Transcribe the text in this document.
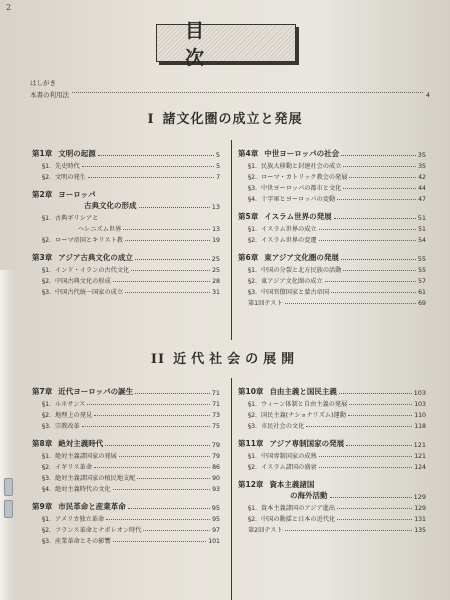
2
目　次
はしがき
本書の利用法	4
I 諸文化圏の成立と発展
第1章 文明の起源	5
§1. 先史時代	5
§2. 文明の発生	7
第2章 ヨーロッパ
古典文化の形成	13
§1. 古典ギリシアと
ヘレニズム世界	13
§2. ローマ帝国とキリスト教	19
第3章 アジア古典文化の成立	25
§1. インド・イランの古代文化	25
§2. 中国古典文化の形成	28
§3. 中国古代統一国家の成立	31
第4章 中世ヨーロッパの社会	35
§1. 民族大移動と封建社会の成立	35
§2. ローマ・カトリック教会の発展	42
§3. 中世ヨーロッパの都市と文化	44
§4. 十字軍とヨーロッパの変動	47
第5章 イスラム世界の発展	51
§1. イスラム世界の成立	51
§2. イスラム世界の変遷	54
第6章 東アジア文化圏の発展	55
§1. 中国の分裂と北方民族の活動	55
§2. 東アジア文化圏の成立	57
§3. 中国官僚国家と蒙古帝国	61
第1回テスト	69
II 近代社会の展開
第7章 近代ヨーロッパの誕生	71
§1. ルネサンス	71
§2. 地理上の発見	73
§3. 宗教改革	75
第8章 絶対主義時代	79
§1. 絶対主義諸国家の発展	79
§2. イギリス革命	86
§3. 絶対主義諸国家の植民地支配	90
§4. 絶対主義時代の文化	93
第9章 市民革命と産業革命	95
§1. アメリカ独立革命	95
§2. フランス革命とナポレオン時代	97
§3. 産業革命とその影響	101
第10章 自由主義と国民主義	103
§1. ウィーン体制と自由主義の発展	103
§2. 国民主義(ナショナリズム)運動	110
§3. 市民社会の文化	118
第11章 アジア専制国家の発展	121
§1. 中国専制国家の成熟	121
§2. イスラム諸国の盛衰	124
第12章 資本主義諸国
の海外活動	129
§1. 資本主義諸国のアジア進出	129
§2. 中国の動揺と日本の近代化	131
第2回テスト	135
